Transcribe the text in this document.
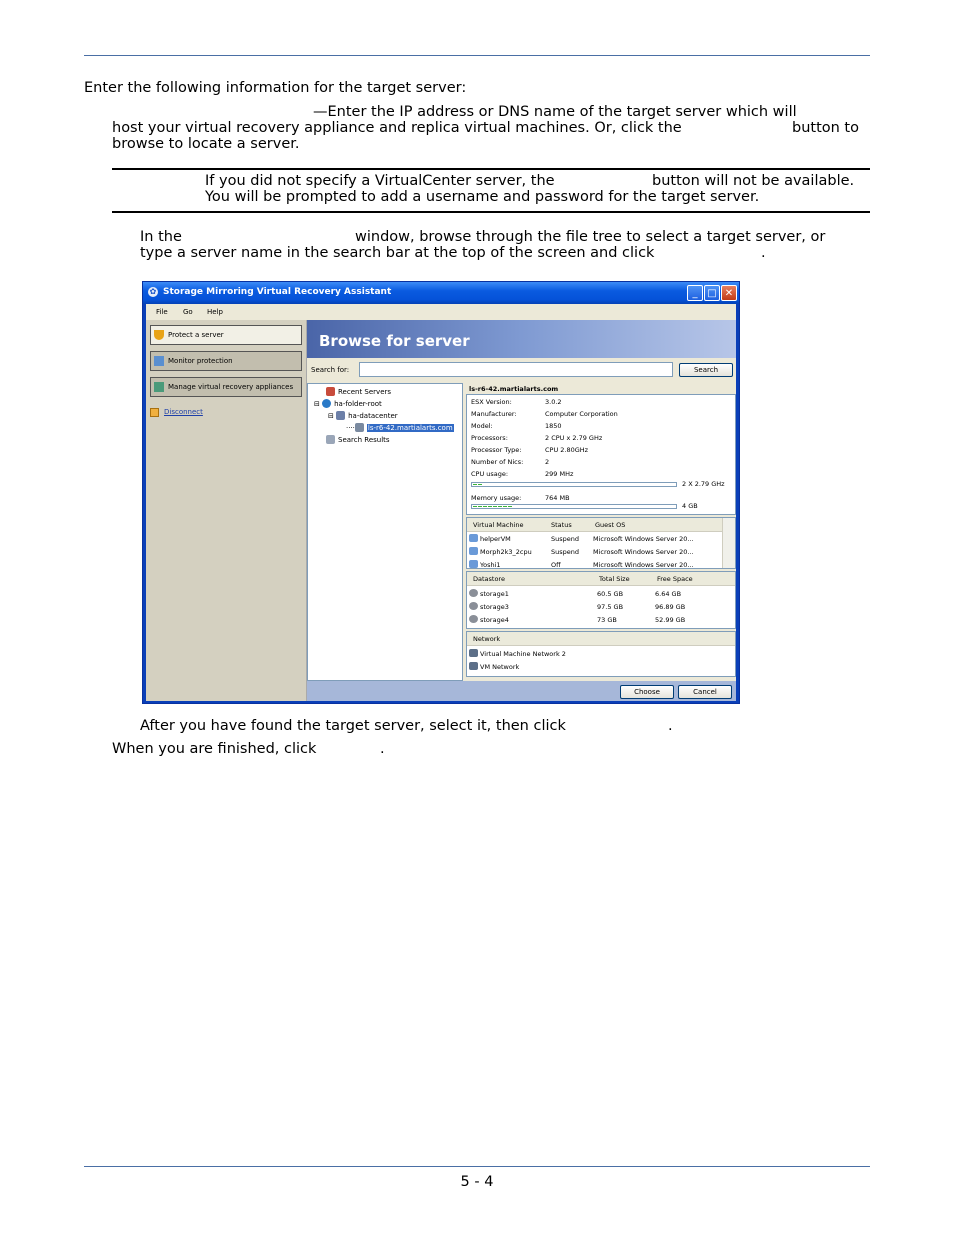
Enter the following information for the target server:
—Enter the IP address or DNS name of the target server which will
host your virtual recovery appliance and replica virtual machines. Or, click the	button to
browse to locate a server.
If you did not specify a VirtualCenter server, the	button will not be available.
You will be prompted to add a username and password for the target server.
In the	window, browse through the file tree to select a target server, or
type a server name in the search bar at the top of the screen and click	.
✿ Storage Mirroring Virtual Recovery Assistant	_ □ ✕
File Go Help
Protect a server
Monitor protection
Manage virtual recovery appliances
Disconnect
Browse for server
Search for:	Search
Recent Servers
⊟ ha-folder-root
⊟ ha-datacenter
···· ls-r6-42.martialarts.com
Search Results
ls-r6-42.martialarts.com
ESX Version:	3.0.2
Manufacturer:	Computer Corporation
Model:	1850
Processors:	2 CPU x 2.79 GHz
Processor Type:	CPU 2.80GHz
Number of Nics:	2
CPU usage:	299 MHz
2 X 2.79 GHz
Memory usage:	764 MB
4 GB
Virtual Machine	Status	Guest OS
helperVM	Suspend Microsoft Windows Server 20...
Morph2k3_2cpu	Suspend Microsoft Windows Server 20...
Yoshi1	Off	Microsoft Windows Server 20...
Datastore	Total Size	Free Space
storage1	60.5 GB	6.64 GB
storage3	97.5 GB	96.89 GB
storage4	73 GB	52.99 GB
Network
Virtual Machine Network 2
VM Network
Choose	Cancel
After you have found the target server, select it, then click	.
When you are finished, click	.
5 - 4
